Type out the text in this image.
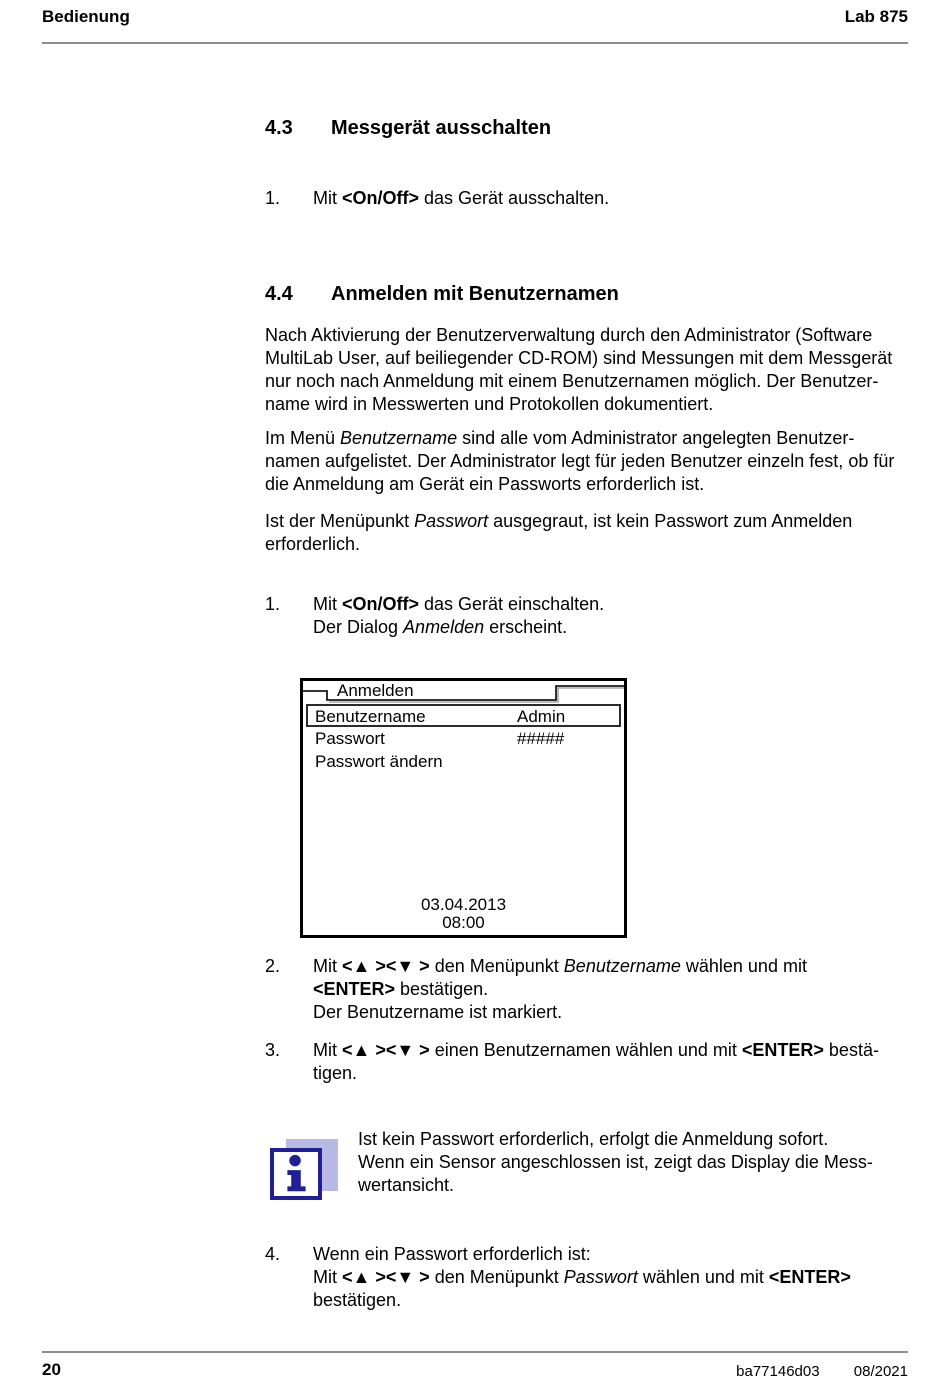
Bedienung	Lab 875
4.3 Messgerät ausschalten
1.	Mit <On/Off> das Gerät ausschalten.
4.4 Anmelden mit Benutzernamen
Nach Aktivierung der Benutzerverwaltung durch den Administrator (Software
MultiLab User, auf beiliegender CD-ROM) sind Messungen mit dem Messgerät
nur noch nach Anmeldung mit einem Benutzernamen möglich. Der Benutzer-
name wird in Messwerten und Protokollen dokumentiert.
Im Menü Benutzername sind alle vom Administrator angelegten Benutzer-
namen aufgelistet. Der Administrator legt für jeden Benutzer einzeln fest, ob für
die Anmeldung am Gerät ein Passworts erforderlich ist.
Ist der Menüpunkt Passwort ausgegraut, ist kein Passwort zum Anmelden
erforderlich.
1.	Mit <On/Off> das Gerät einschalten.
Der Dialog Anmelden erscheint.
Anmelden
Benutzername	Admin
Passwort	#####
Passwort ändern
03.04.2013
08:00
2.	Mit <▲ ><▼ > den Menüpunkt Benutzername wählen und mit
<ENTER> bestätigen.
Der Benutzername ist markiert.
3.	Mit <▲ ><▼ > einen Benutzernamen wählen und mit <ENTER> bestä-
tigen.
Ist kein Passwort erforderlich, erfolgt die Anmeldung sofort.
Wenn ein Sensor angeschlossen ist, zeigt das Display die Mess-
wertansicht.
4.	Wenn ein Passwort erforderlich ist:
Mit <▲ ><▼ > den Menüpunkt Passwort wählen und mit <ENTER>
bestätigen.
20	ba77146d03 08/2021
